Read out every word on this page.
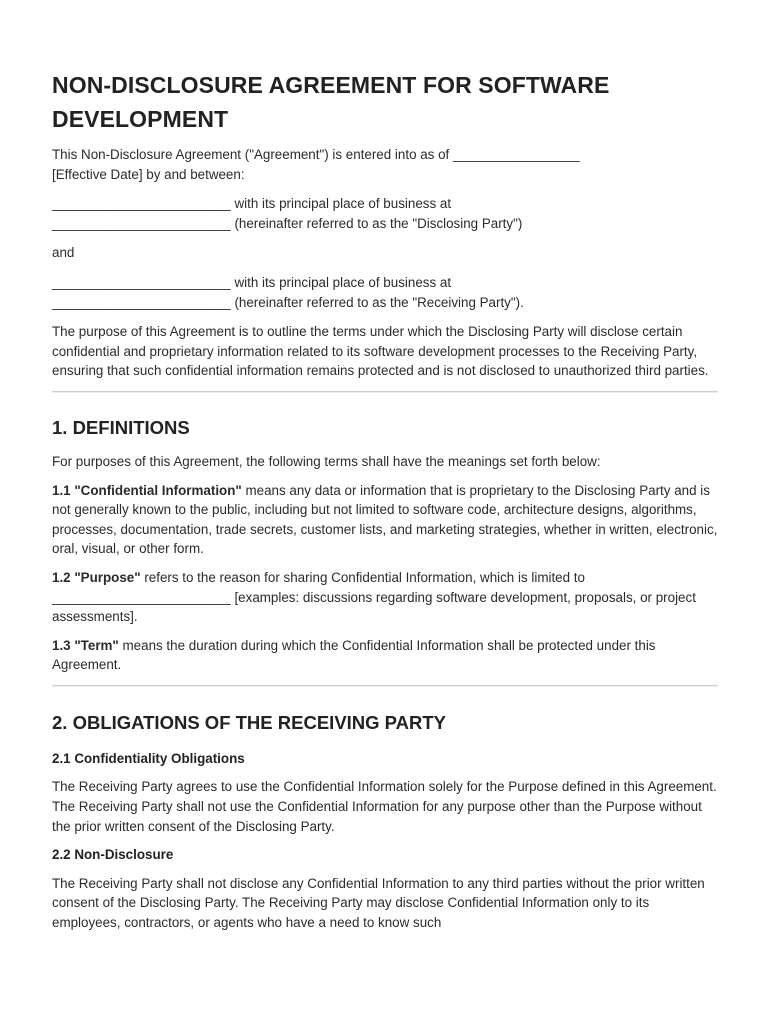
NON-DISCLOSURE AGREEMENT FOR SOFTWARE DEVELOPMENT

This Non-Disclosure Agreement ("Agreement") is entered into as of _________________
[Effective Date] by and between:

________________________ with its principal place of business at
________________________ (hereinafter referred to as the "Disclosing Party")

and

________________________ with its principal place of business at
________________________ (hereinafter referred to as the "Receiving Party").

The purpose of this Agreement is to outline the terms under which the Disclosing Party will disclose certain confidential and proprietary information related to its software development processes to the Receiving Party, ensuring that such confidential information remains protected and is not disclosed to unauthorized third parties.

1. DEFINITIONS

For purposes of this Agreement, the following terms shall have the meanings set forth below:

1.1 "Confidential Information" means any data or information that is proprietary to the Disclosing Party and is not generally known to the public, including but not limited to software code, architecture designs, algorithms, processes, documentation, trade secrets, customer lists, and marketing strategies, whether in written, electronic, oral, visual, or other form.

1.2 "Purpose" refers to the reason for sharing Confidential Information, which is limited to ________________________ [examples: discussions regarding software development, proposals, or project assessments].

1.3 "Term" means the duration during which the Confidential Information shall be protected under this Agreement.

2. OBLIGATIONS OF THE RECEIVING PARTY
2.1 Confidentiality Obligations

The Receiving Party agrees to use the Confidential Information solely for the Purpose defined in this Agreement. The Receiving Party shall not use the Confidential Information for any purpose other than the Purpose without the prior written consent of the Disclosing Party.

2.2 Non-Disclosure

The Receiving Party shall not disclose any Confidential Information to any third parties without the prior written consent of the Disclosing Party. The Receiving Party may disclose Confidential Information only to its employees, contractors, or agents who have a need to know such
